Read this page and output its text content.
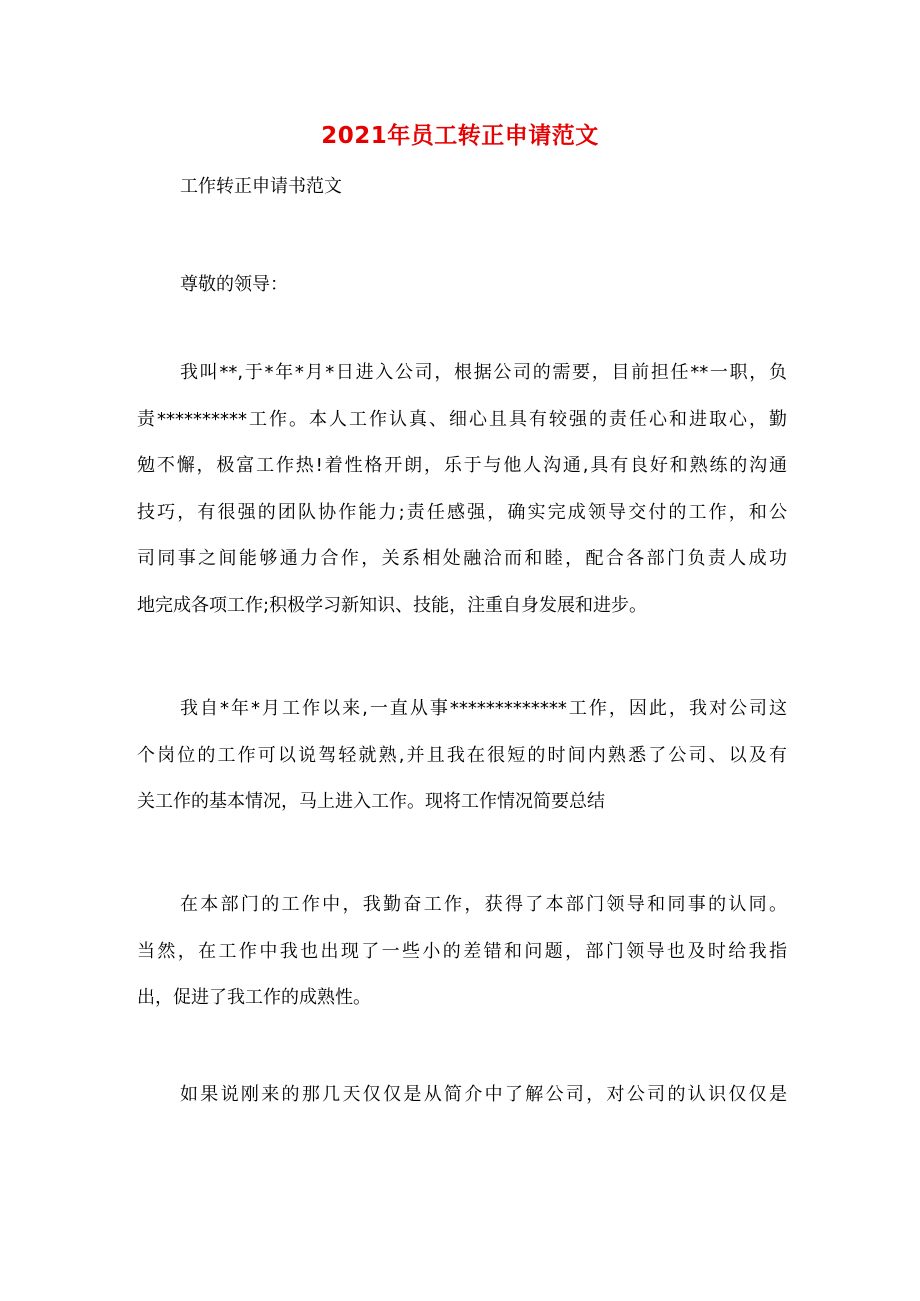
2021年员工转正申请范文

工作转正申请书范文

尊敬的领导：

我叫**,于*年*月*日进入公司，根据公司的需要，目前担任**一职，负
责**********工作。本人工作认真、细心且具有较强的责任心和进取心，勤
勉不懈，极富工作热!着性格开朗，乐于与他人沟通,具有良好和熟练的沟通
技巧，有很强的团队协作能力;责任感强，确实完成领导交付的工作，和公
司同事之间能够通力合作，关系相处融洽而和睦，配合各部门负责人成功
地完成各项工作;积极学习新知识、技能，注重自身发展和进步。
我自*年*月工作以来,一直从事*************工作，因此，我对公司这
个岗位的工作可以说驾轻就熟,并且我在很短的时间内熟悉了公司、以及有
关工作的基本情况，马上进入工作。现将工作情况简要总结
在本部门的工作中，我勤奋工作，获得了本部门领导和同事的认同。
当然，在工作中我也出现了一些小的差错和问题，部门领导也及时给我指
出，促进了我工作的成熟性。
如果说刚来的那几天仅仅是从简介中了解公司，对公司的认识仅仅是
